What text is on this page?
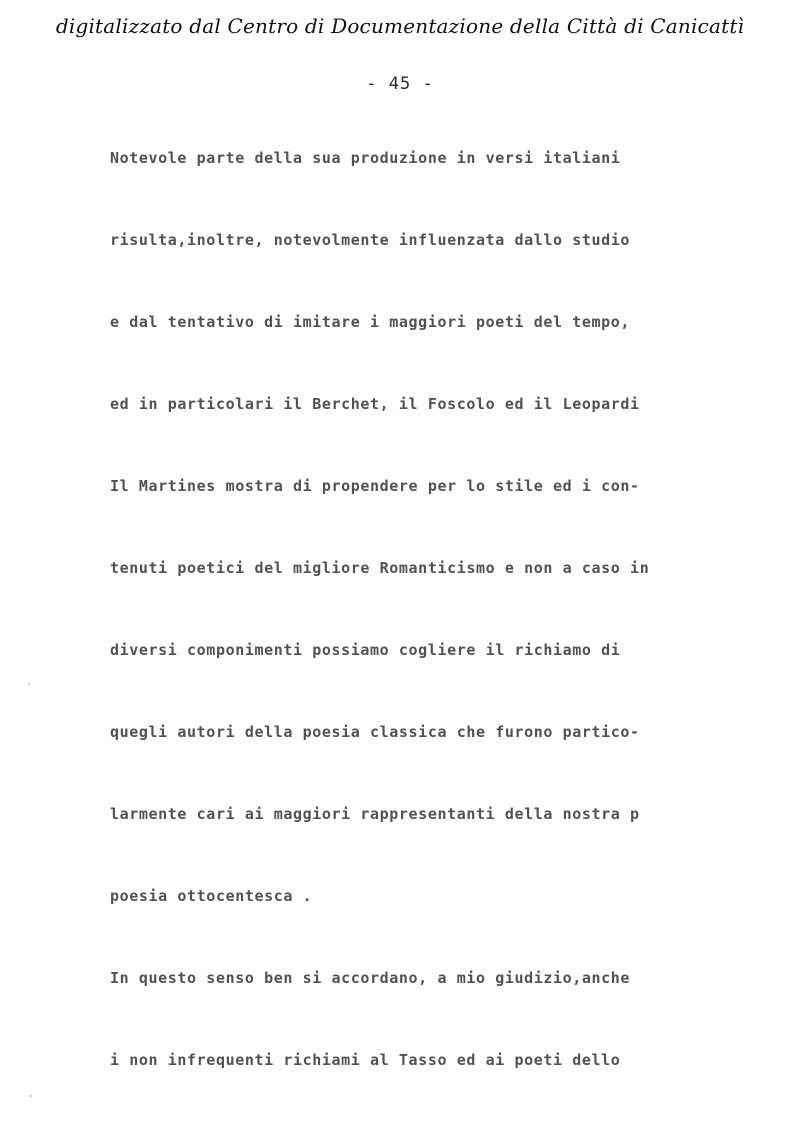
digitalizzato dal Centro di Documentazione della Città di Canicattì
- 45 -
Notevole parte della sua produzione in versi italiani
risulta,inoltre, notevolmente influenzata dallo studio
e dal tentativo di imitare i maggiori poeti del tempo,
ed in particolari il Berchet, il Foscolo ed il Leopardi
Il Martines mostra di propendere per lo stile ed i con-
tenuti poetici del migliore Romanticismo e non a caso in
diversi componimenti possiamo cogliere il richiamo di
quegli autori della poesia classica che furono partico-
larmente cari ai maggiori rappresentanti della nostra p
poesia ottocentesca .
In questo senso ben si accordano, a mio giudizio,anche
i non infrequenti richiami al Tasso ed ai poeti dello
